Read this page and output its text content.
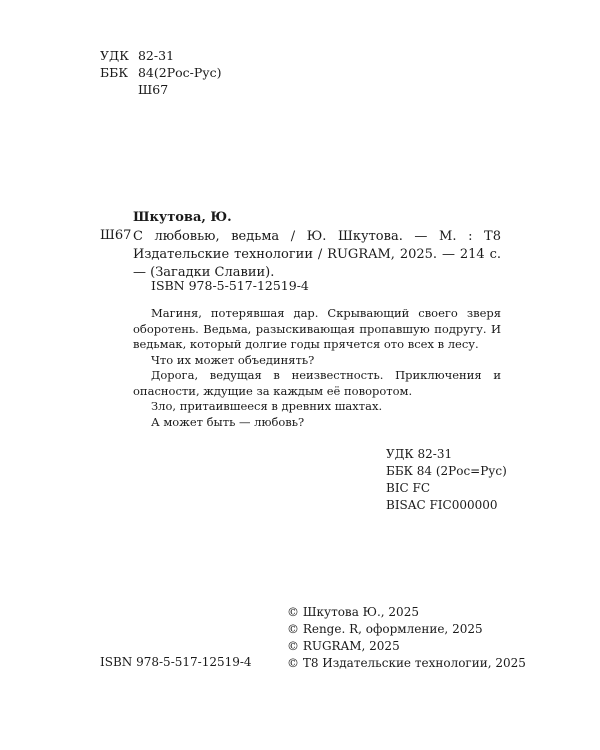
УДК 82-31
ББК 84(2Рос-Рус)
Ш67
Шкутова, Ю.
Ш67 С любовью, ведьма / Ю. Шкутова. — М. : Т8 Издательские технологии / RUGRAM, 2025. — 214 с. — (Загадки Славии).
ISBN 978-5-517-12519-4

Магиня, потерявшая дар. Скрывающий своего зверя оборотень. Ведьма, разыскивающая пропавшую подругу. И ведьмак, который долгие годы прячется ото всех в лесу.

Что их может объединять?

Дорога, ведущая в неизвестность. Приключения и опасности, ждущие за каждым её поворотом.

Зло, притаившееся в древних шахтах.

А может быть — любовь?

УДК 82-31
ББК 84 (2Рос=Рус)
BIC FC
BISAC FIC000000
© Шкутова Ю., 2025
© Renge. R, оформление, 2025
© RUGRAM, 2025
© Т8 Издательские технологии, 2025
ISBN 978-5-517-12519-4
